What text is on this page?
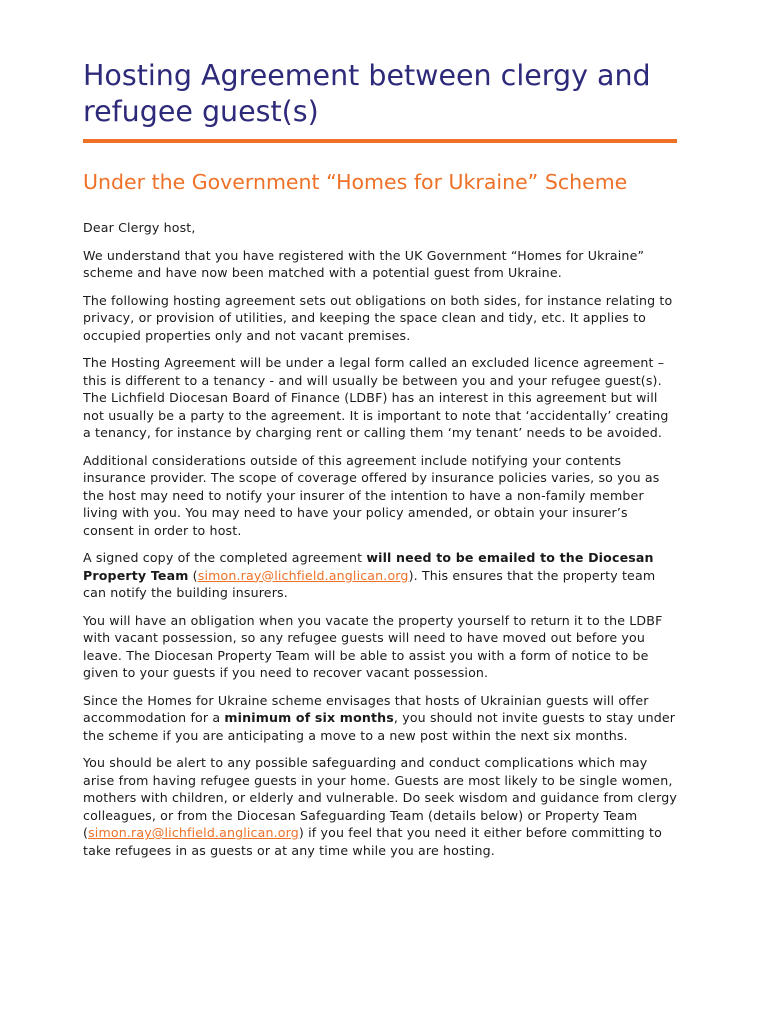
Hosting Agreement between clergy and refugee guest(s)
Under the Government “Homes for Ukraine” Scheme

Dear Clergy host,

We understand that you have registered with the UK Government “Homes for Ukraine” scheme and have now been matched with a potential guest from Ukraine.

The following hosting agreement sets out obligations on both sides, for instance relating to privacy, or provision of utilities, and keeping the space clean and tidy, etc. It applies to occupied properties only and not vacant premises.

The Hosting Agreement will be under a legal form called an excluded licence agreement – this is different to a tenancy - and will usually be between you and your refugee guest(s). The Lichfield Diocesan Board of Finance (LDBF) has an interest in this agreement but will not usually be a party to the agreement. It is important to note that ‘accidentally’ creating a tenancy, for instance by charging rent or calling them ‘my tenant’ needs to be avoided.

Additional considerations outside of this agreement include notifying your contents insurance provider. The scope of coverage offered by insurance policies varies, so you as the host may need to notify your insurer of the intention to have a non-family member living with you. You may need to have your policy amended, or obtain your insurer’s consent in order to host.

A signed copy of the completed agreement will need to be emailed to the Diocesan Property Team (simon.ray@lichfield.anglican.org). This ensures that the property team can notify the building insurers.

You will have an obligation when you vacate the property yourself to return it to the LDBF with vacant possession, so any refugee guests will need to have moved out before you leave. The Diocesan Property Team will be able to assist you with a form of notice to be given to your guests if you need to recover vacant possession.

Since the Homes for Ukraine scheme envisages that hosts of Ukrainian guests will offer accommodation for a minimum of six months, you should not invite guests to stay under the scheme if you are anticipating a move to a new post within the next six months.

You should be alert to any possible safeguarding and conduct complications which may arise from having refugee guests in your home. Guests are most likely to be single women, mothers with children, or elderly and vulnerable. Do seek wisdom and guidance from clergy colleagues, or from the Diocesan Safeguarding Team (details below) or Property Team (simon.ray@lichfield.anglican.org) if you feel that you need it either before committing to take refugees in as guests or at any time while you are hosting.
